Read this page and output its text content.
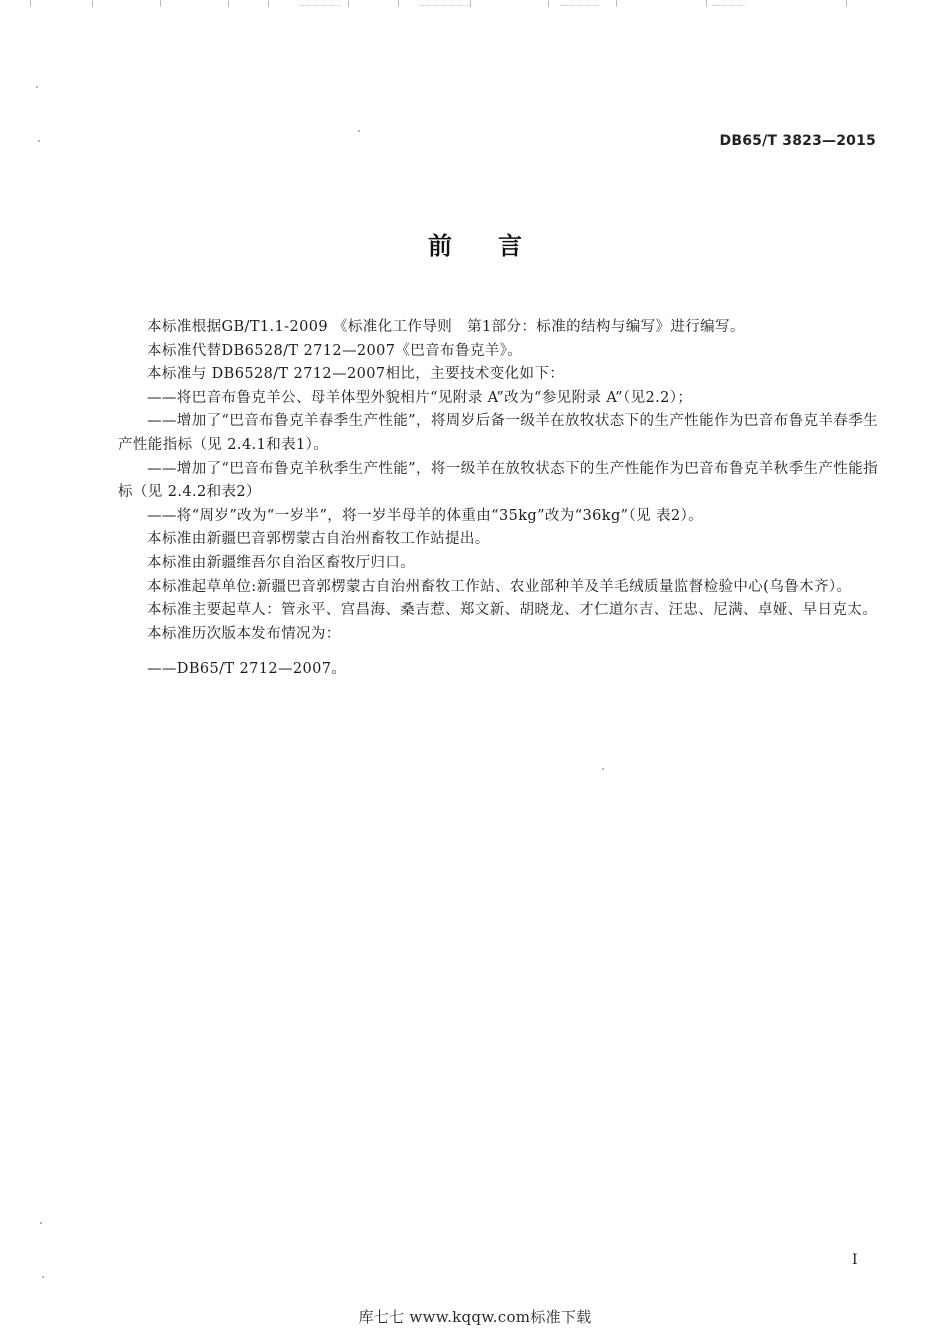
DB65/T 3823—2015
前言

本标准根据GB/T1.1-2009 《标准化工作导则　第1部分：标准的结构与编写》进行编写。

本标准代替DB6528/T 2712—2007《巴音布鲁克羊》。

本标准与 DB6528/T 2712—2007相比，主要技术变化如下：

——将巴音布鲁克羊公、母羊体型外貌相片“见附录 A”改为“参见附录 A”（见2.2）；

——增加了“巴音布鲁克羊春季生产性能”，将周岁后备一级羊在放牧状态下的生产性能作为巴音布鲁克羊春季生产性能指标（见 2.4.1和表1）。

——增加了“巴音布鲁克羊秋季生产性能”，将一级羊在放牧状态下的生产性能作为巴音布鲁克羊秋季生产性能指标（见 2.4.2和表2）

——将“周岁”改为“一岁半”，将一岁半母羊的体重由“35kg”改为“36kg”（见 表2）。

本标准由新疆巴音郭楞蒙古自治州畜牧工作站提出。

本标准由新疆维吾尔自治区畜牧厅归口。

本标准起草单位:新疆巴音郭楞蒙古自治州畜牧工作站、农业部种羊及羊毛绒质量监督检验中心(乌鲁木齐）。

本标准主要起草人：管永平、宫昌海、桑吉惹、郑文新、胡晓龙、才仁道尔吉、汪忠、尼满、卓娅、早日克太。

本标准历次版本发布情况为：

——DB65/T 2712—2007。

I
库七七 www.kqqw.com标准下载
